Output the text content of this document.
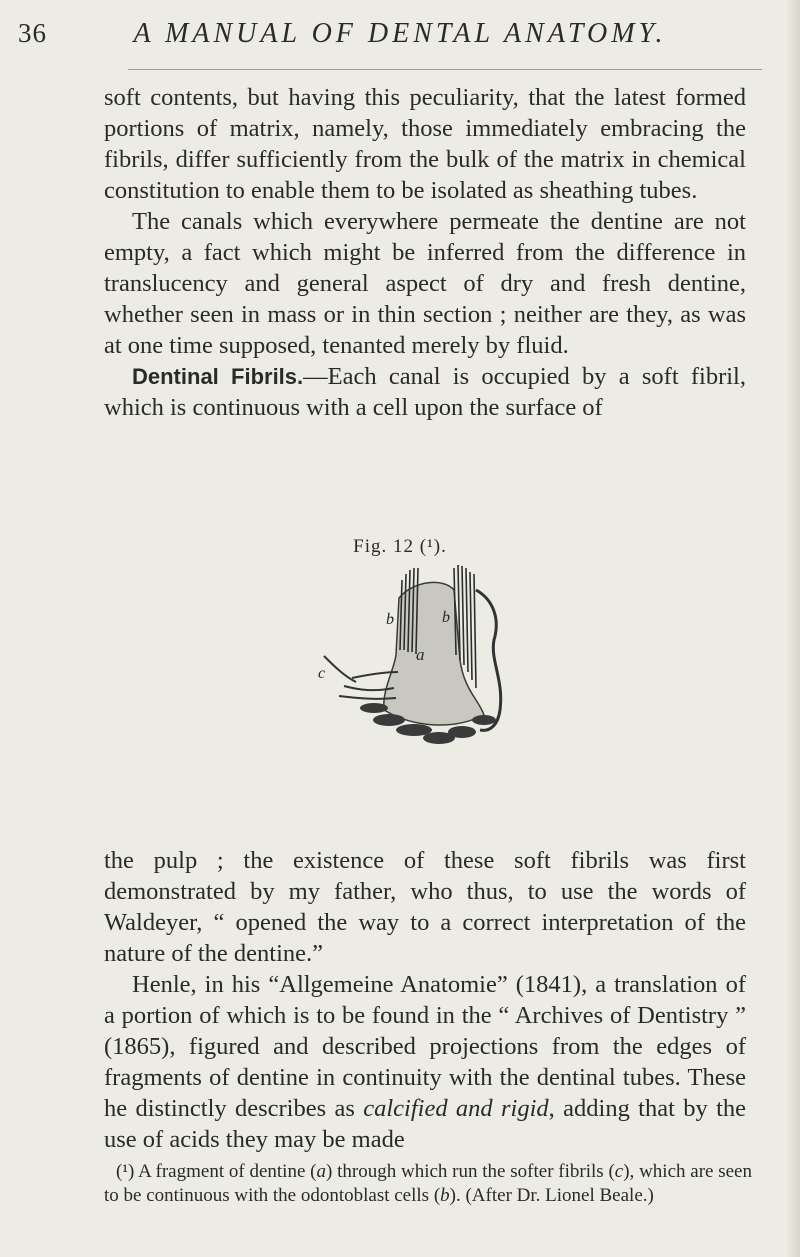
36	A MANUAL OF DENTAL ANATOMY.

soft contents, but having this peculiarity, that the latest formed portions of matrix, namely, those immediately embracing the fibrils, differ sufficiently from the bulk of the matrix in chemical constitution to enable them to be isolated as sheathing tubes.

The canals which everywhere permeate the dentine are not empty, a fact which might be inferred from the difference in translucency and general aspect of dry and fresh dentine, whether seen in mass or in thin section ; neither are they, as was at one time supposed, tenanted merely by fluid.

Dentinal Fibrils.—Each canal is occupied by a soft fibril, which is continuous with a cell upon the surface of

Fig. 12 (¹).
b	b
a
c

the pulp ; the existence of these soft fibrils was first demonstrated by my father, who thus, to use the words of Waldeyer, “ opened the way to a correct interpretation of the nature of the dentine.”

Henle, in his “Allgemeine Anatomie” (1841), a translation of a portion of which is to be found in the “ Archives of Dentistry ” (1865), figured and described projections from the edges of fragments of dentine in continuity with the dentinal tubes. These he distinctly describes as calcified and rigid, adding that by the use of acids they may be made

(¹) A fragment of dentine (a) through which run the softer fibrils (c), which are seen to be continuous with the odontoblast cells (b). (After Dr. Lionel Beale.)
